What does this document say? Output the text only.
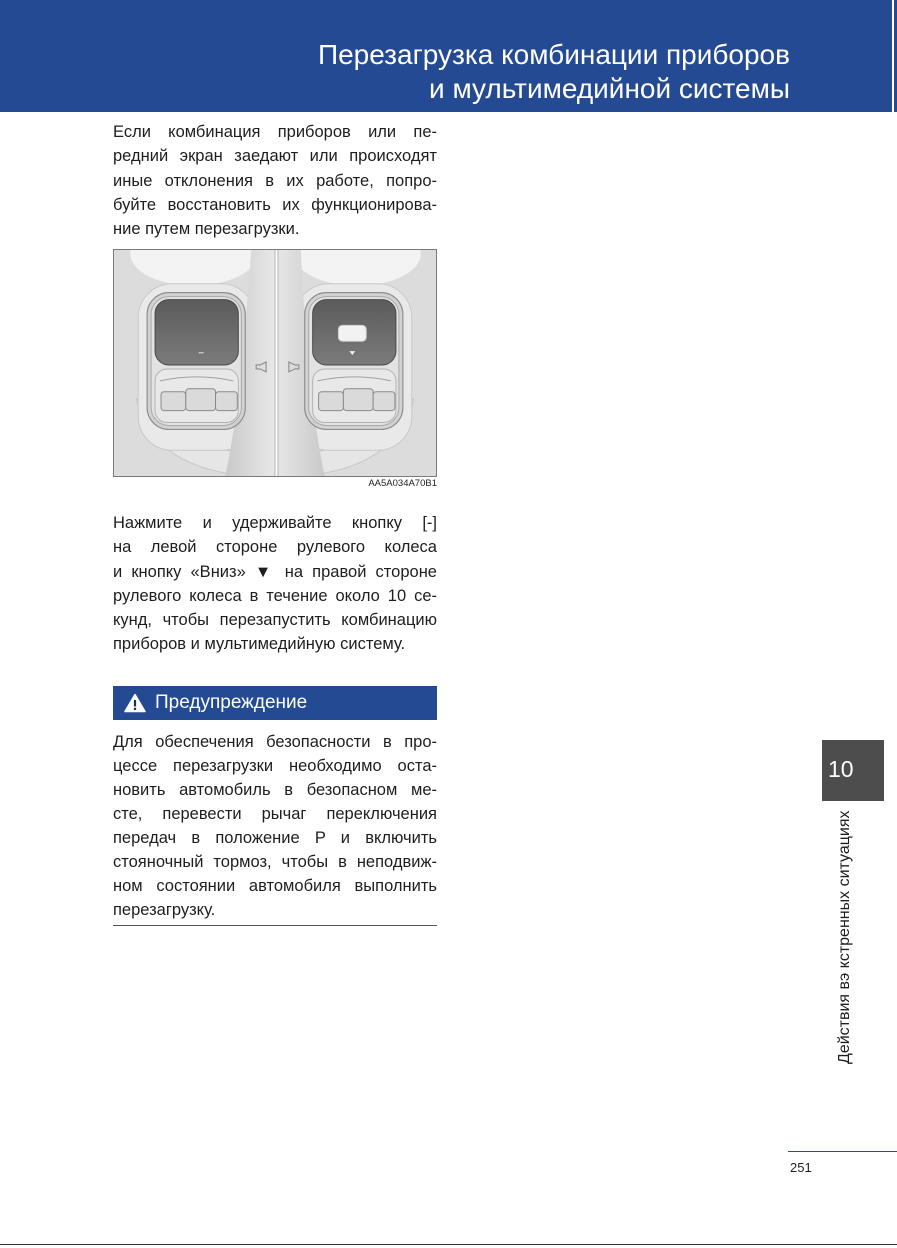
Перезагрузка комбинации приборов
и мультимедийной системы
Если комбинация приборов или пе-
редний экран заедают или происходят
иные отклонения в их работе, попро-
буйте восстановить их функционирова-
ние путем перезагрузки.
AA5A034A70B1
Нажмите и удерживайте кнопку [-]
на левой стороне рулевого колеса
и кнопку «Вниз» ▼ на правой стороне
рулевого колеса в течение около 10 се-
кунд, чтобы перезапустить комбинацию
приборов и мультимедийную систему.
Предупреждение
Для обеспечения безопасности в про-
цессе перезагрузки необходимо оста-
новить автомобиль в безопасном ме-
сте, перевести рычаг переключения
передач в положение P и включить
стояночный тормоз, чтобы в неподвиж-
ном состоянии автомобиля выполнить
перезагрузку.
10
Действия вэ кстренных ситуациях
251
